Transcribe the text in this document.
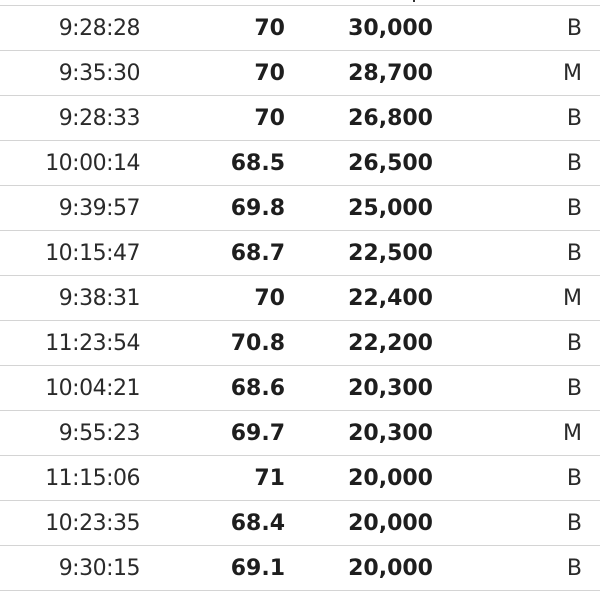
9:28:28	70	30,000	B
9:35:30	70	28,700	M
9:28:33	70	26,800	B
10:00:14	68.5	26,500	B
9:39:57	69.8	25,000	B
10:15:47	68.7	22,500	B
9:38:31	70	22,400	M
11:23:54	70.8	22,200	B
10:04:21	68.6	20,300	B
9:55:23	69.7	20,300	M
11:15:06	71	20,000	B
10:23:35	68.4	20,000	B
9:30:15	69.1	20,000	B
